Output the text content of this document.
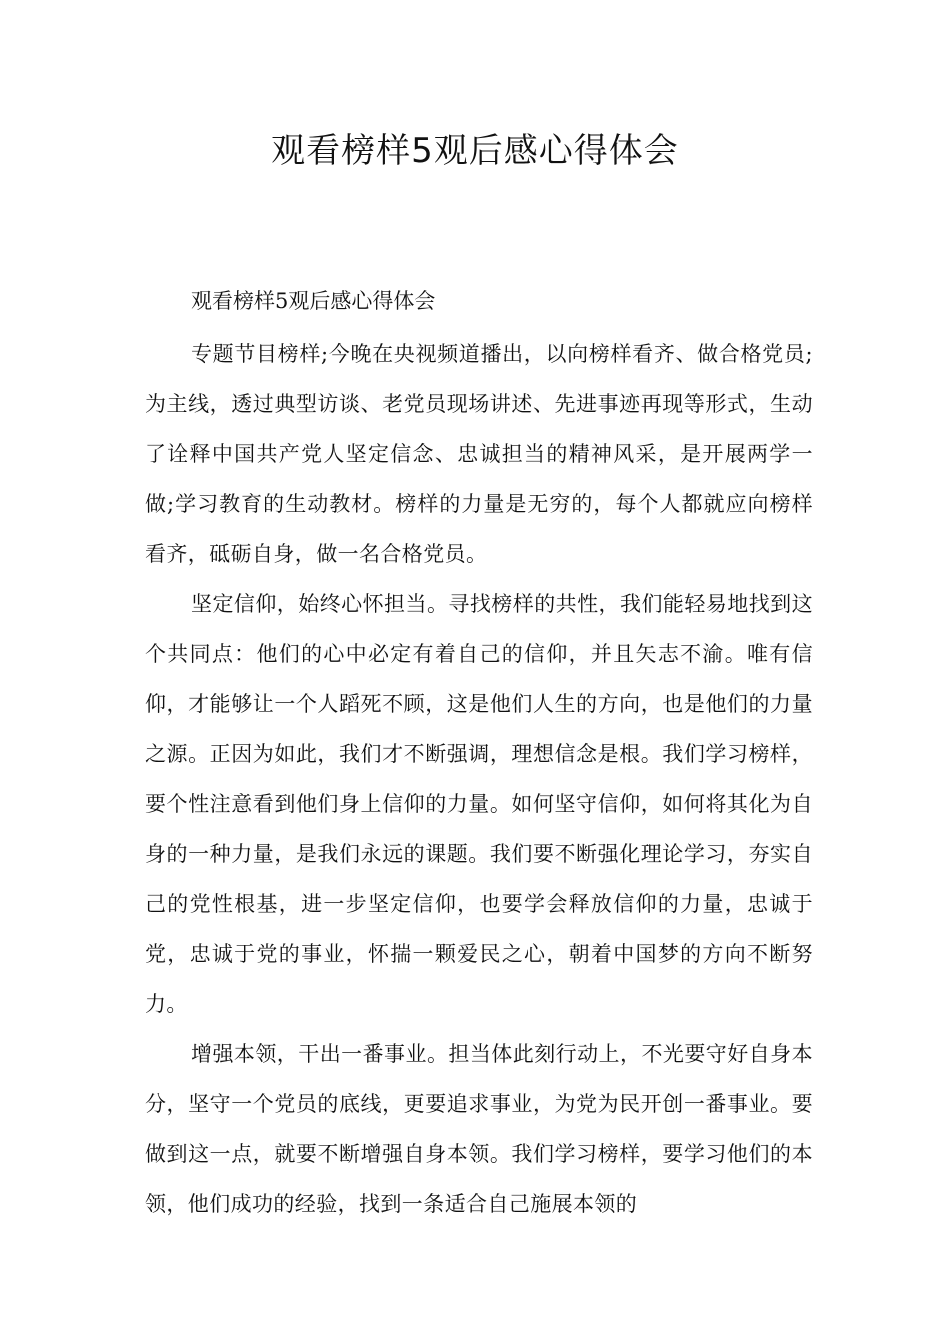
观看榜样5观后感心得体会

观看榜样5观后感心得体会

专题节目榜样;今晚在央视频道播出，以向榜样看齐、做合格党员;为主线，透过典型访谈、老党员现场讲述、先进事迹再现等形式，生动了诠释中国共产党人坚定信念、忠诚担当的精神风采，是开展两学一做;学习教育的生动教材。榜样的力量是无穷的，每个人都就应向榜样看齐，砥砺自身，做一名合格党员。

坚定信仰，始终心怀担当。寻找榜样的共性，我们能轻易地找到这个共同点：他们的心中必定有着自己的信仰，并且矢志不渝。唯有信仰，才能够让一个人蹈死不顾，这是他们人生的方向，也是他们的力量之源。正因为如此，我们才不断强调，理想信念是根。我们学习榜样，要个性注意看到他们身上信仰的力量。如何坚守信仰，如何将其化为自身的一种力量，是我们永远的课题。我们要不断强化理论学习，夯实自己的党性根基，进一步坚定信仰，也要学会释放信仰的力量，忠诚于党，忠诚于党的事业，怀揣一颗爱民之心，朝着中国梦的方向不断努力。

增强本领，干出一番事业。担当体此刻行动上，不光要守好自身本分，坚守一个党员的底线，更要追求事业，为党为民开创一番事业。要做到这一点，就要不断增强自身本领。我们学习榜样，要学习他们的本领，他们成功的经验，找到一条适合自己施展本领的
